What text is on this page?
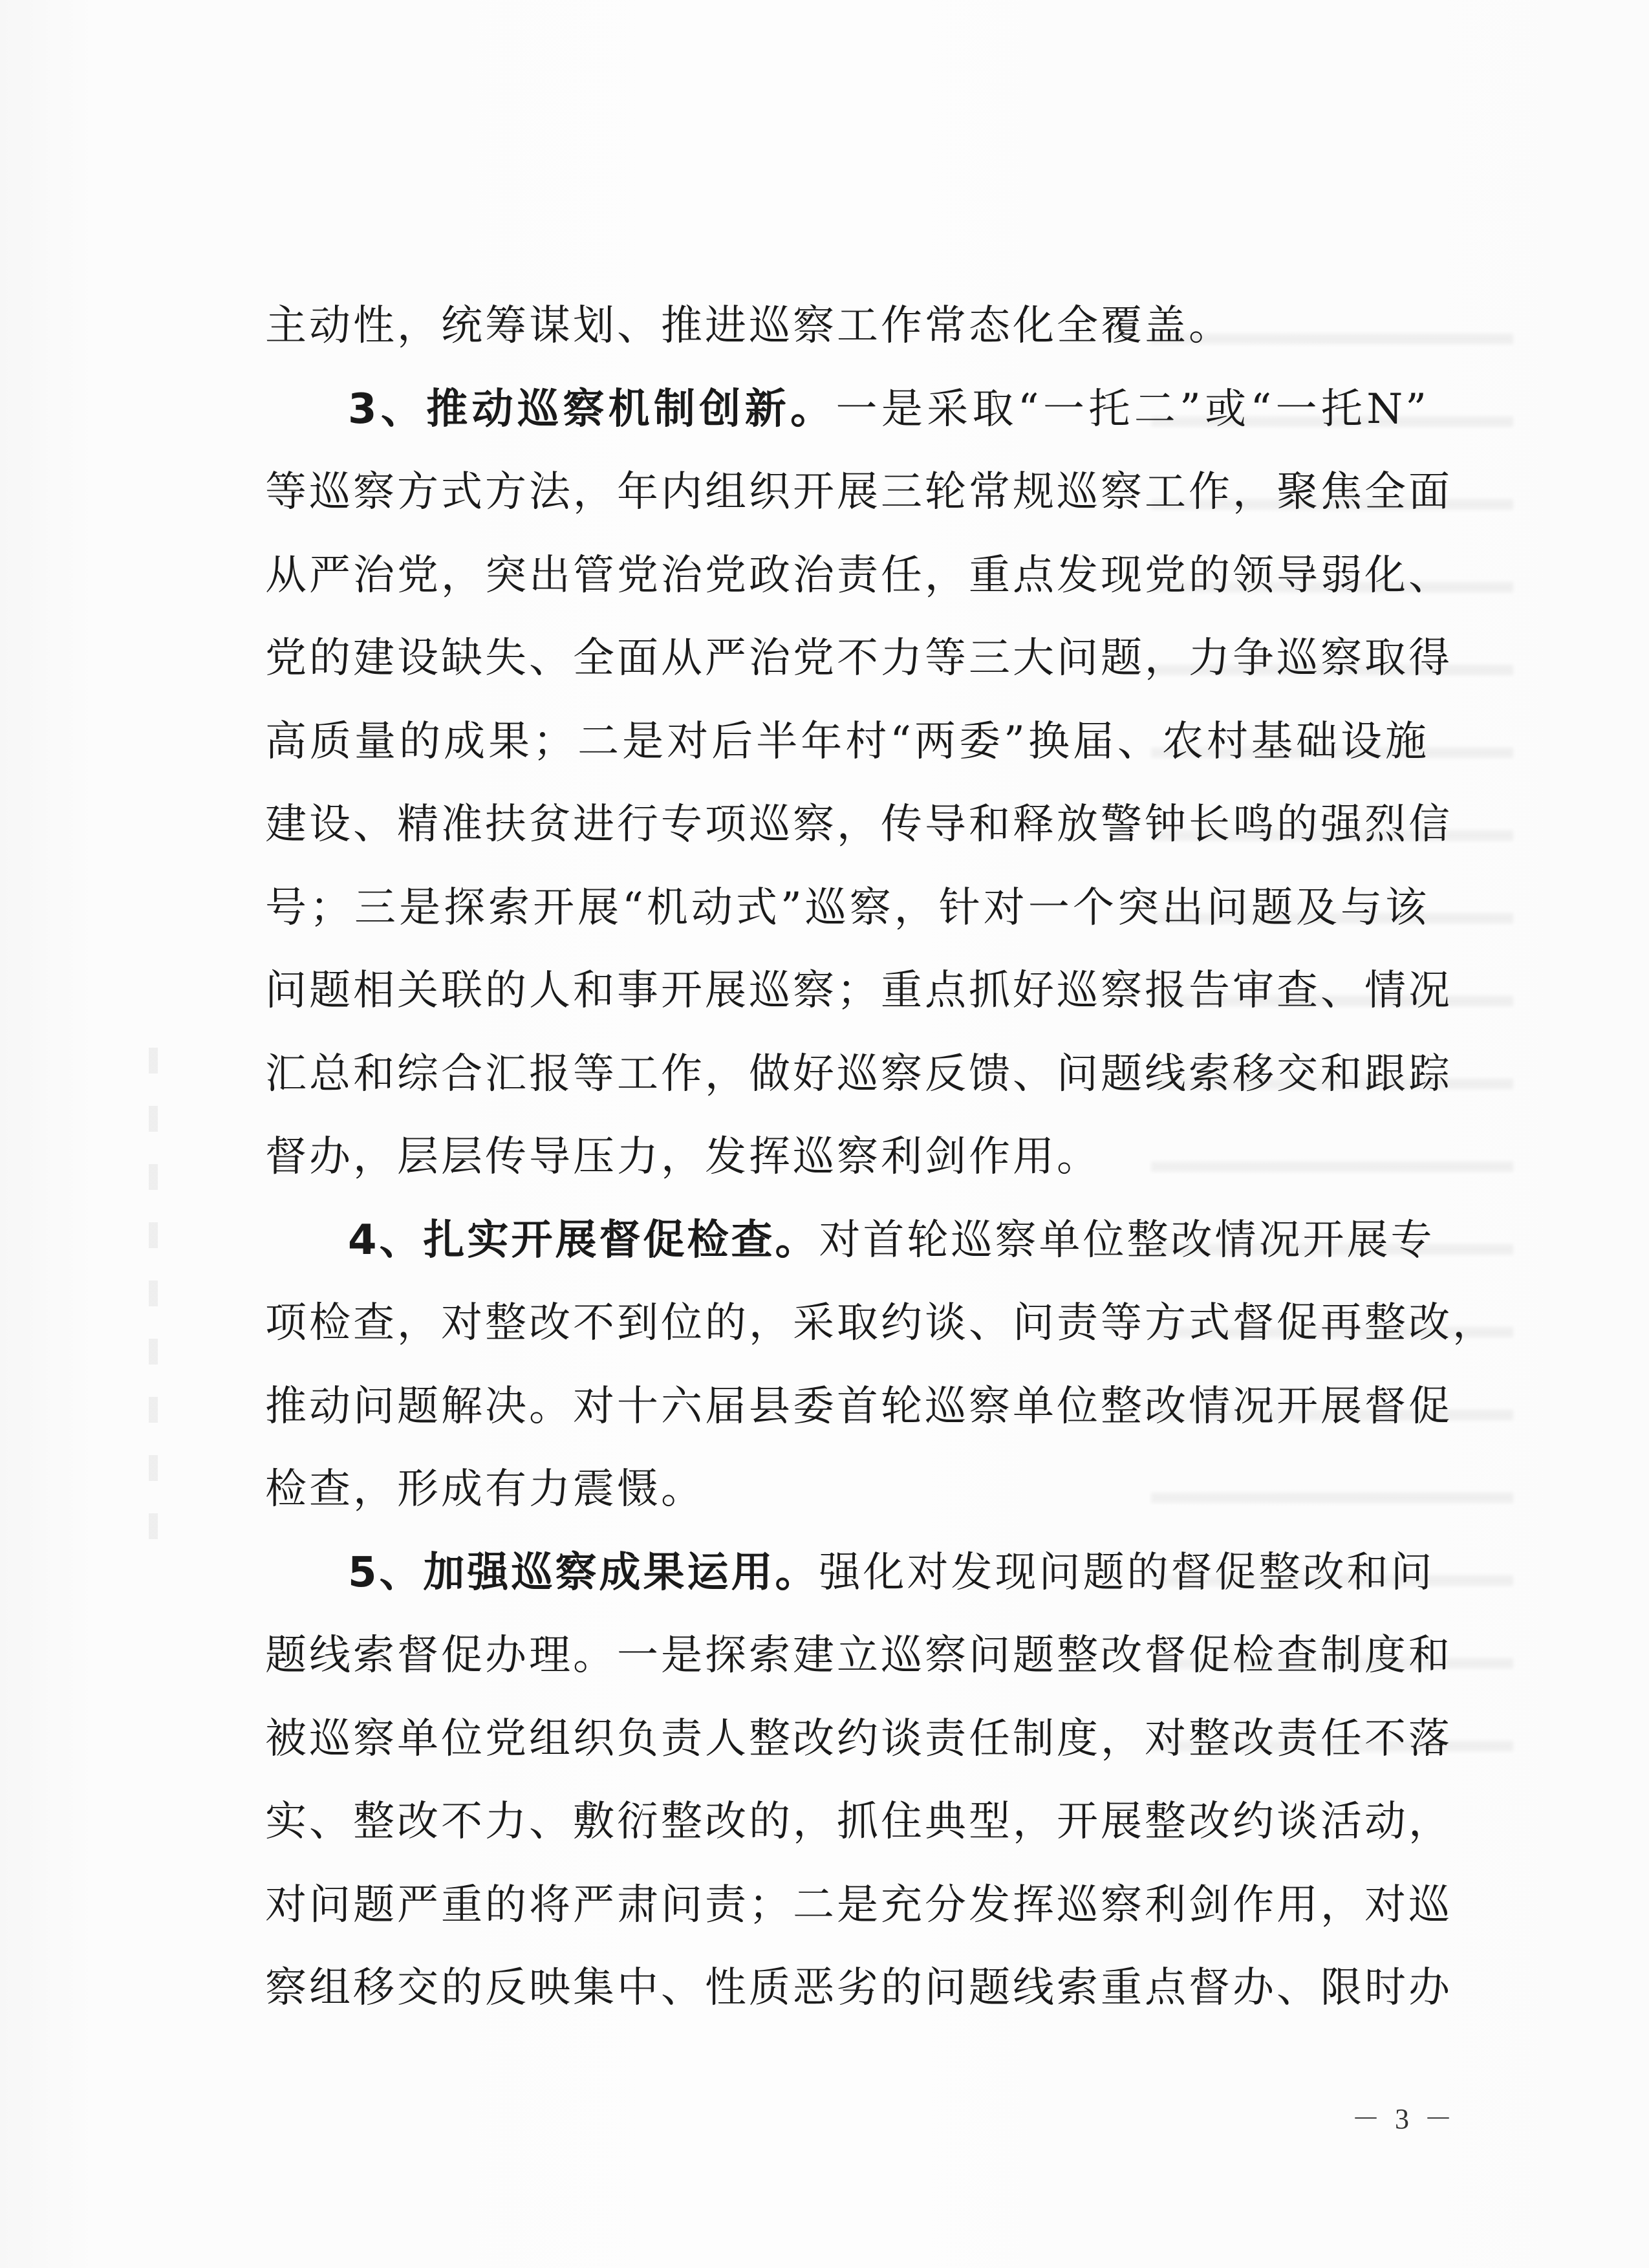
主动性，统筹谋划、推进巡察工作常态化全覆盖。
3、推动巡察机制创新。一是采取“一托二”或“一托N”
等巡察方式方法，年内组织开展三轮常规巡察工作，聚焦全面
从严治党，突出管党治党政治责任，重点发现党的领导弱化、
党的建设缺失、全面从严治党不力等三大问题，力争巡察取得
高质量的成果；二是对后半年村“两委”换届、农村基础设施
建设、精准扶贫进行专项巡察，传导和释放警钟长鸣的强烈信
号；三是探索开展“机动式”巡察，针对一个突出问题及与该
问题相关联的人和事开展巡察；重点抓好巡察报告审查、情况
汇总和综合汇报等工作，做好巡察反馈、问题线索移交和跟踪
督办，层层传导压力，发挥巡察利剑作用。
4、扎实开展督促检查。对首轮巡察单位整改情况开展专
项检查，对整改不到位的，采取约谈、问责等方式督促再整改，
推动问题解决。对十六届县委首轮巡察单位整改情况开展督促
检查，形成有力震慑。
5、加强巡察成果运用。强化对发现问题的督促整改和问
题线索督促办理。一是探索建立巡察问题整改督促检查制度和
被巡察单位党组织负责人整改约谈责任制度，对整改责任不落
实、整改不力、敷衍整改的，抓住典型，开展整改约谈活动，
对问题严重的将严肃问责；二是充分发挥巡察利剑作用，对巡
察组移交的反映集中、性质恶劣的问题线索重点督办、限时办
－ 3 －
